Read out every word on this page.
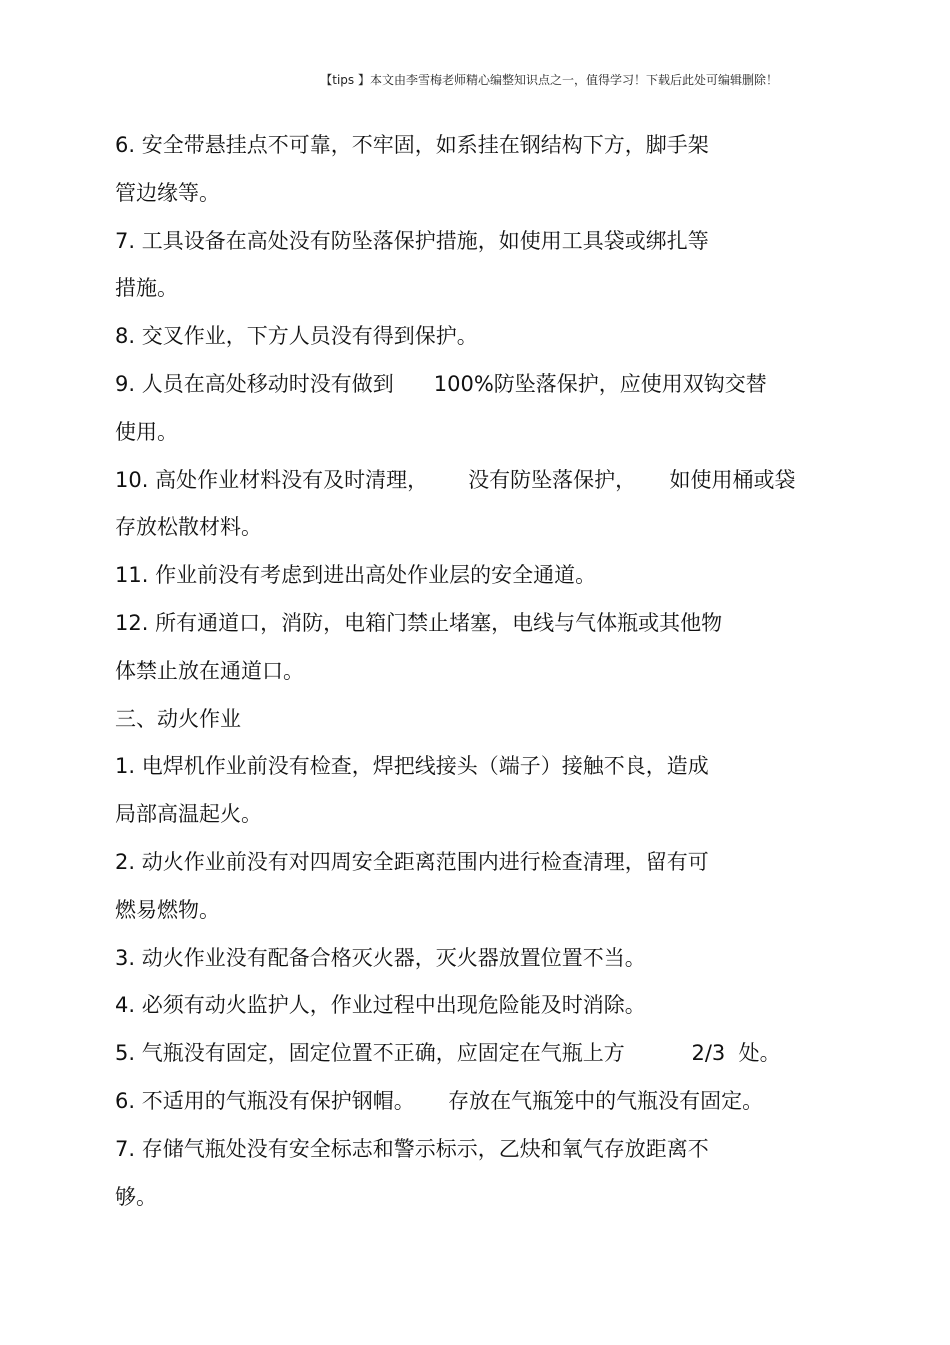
【tips 】本文由李雪梅老师精心编整知识点之一，值得学习！下载后此处可编辑删除！
6. 安全带悬挂点不可靠，不牢固，如系挂在钢结构下方，脚手架
管边缘等。
7. 工具设备在高处没有防坠落保护措施，如使用工具袋或绑扎等
措施。
8. 交叉作业，下方人员没有得到保护。
9. 人员在高处移动时没有做到      100%防坠落保护，应使用双钩交替
使用。
10. 高处作业材料没有及时清理，      没有防坠落保护，     如使用桶或袋
存放松散材料。
11. 作业前没有考虑到进出高处作业层的安全通道。
12. 所有通道口，消防，电箱门禁止堵塞，电线与气体瓶或其他物
体禁止放在通道口。
三、动火作业
1. 电焊机作业前没有检查，焊把线接头（端子）接触不良，造成
局部高温起火。
2. 动火作业前没有对四周安全距离范围内进行检查清理，留有可
燃易燃物。
3. 动火作业没有配备合格灭火器，灭火器放置位置不当。
4. 必须有动火监护人，作业过程中出现危险能及时消除。
5. 气瓶没有固定，固定位置不正确，应固定在气瓶上方          2/3  处。
6. 不适用的气瓶没有保护钢帽。     存放在气瓶笼中的气瓶没有固定。
7. 存储气瓶处没有安全标志和警示标示，乙炔和氧气存放距离不
够。
